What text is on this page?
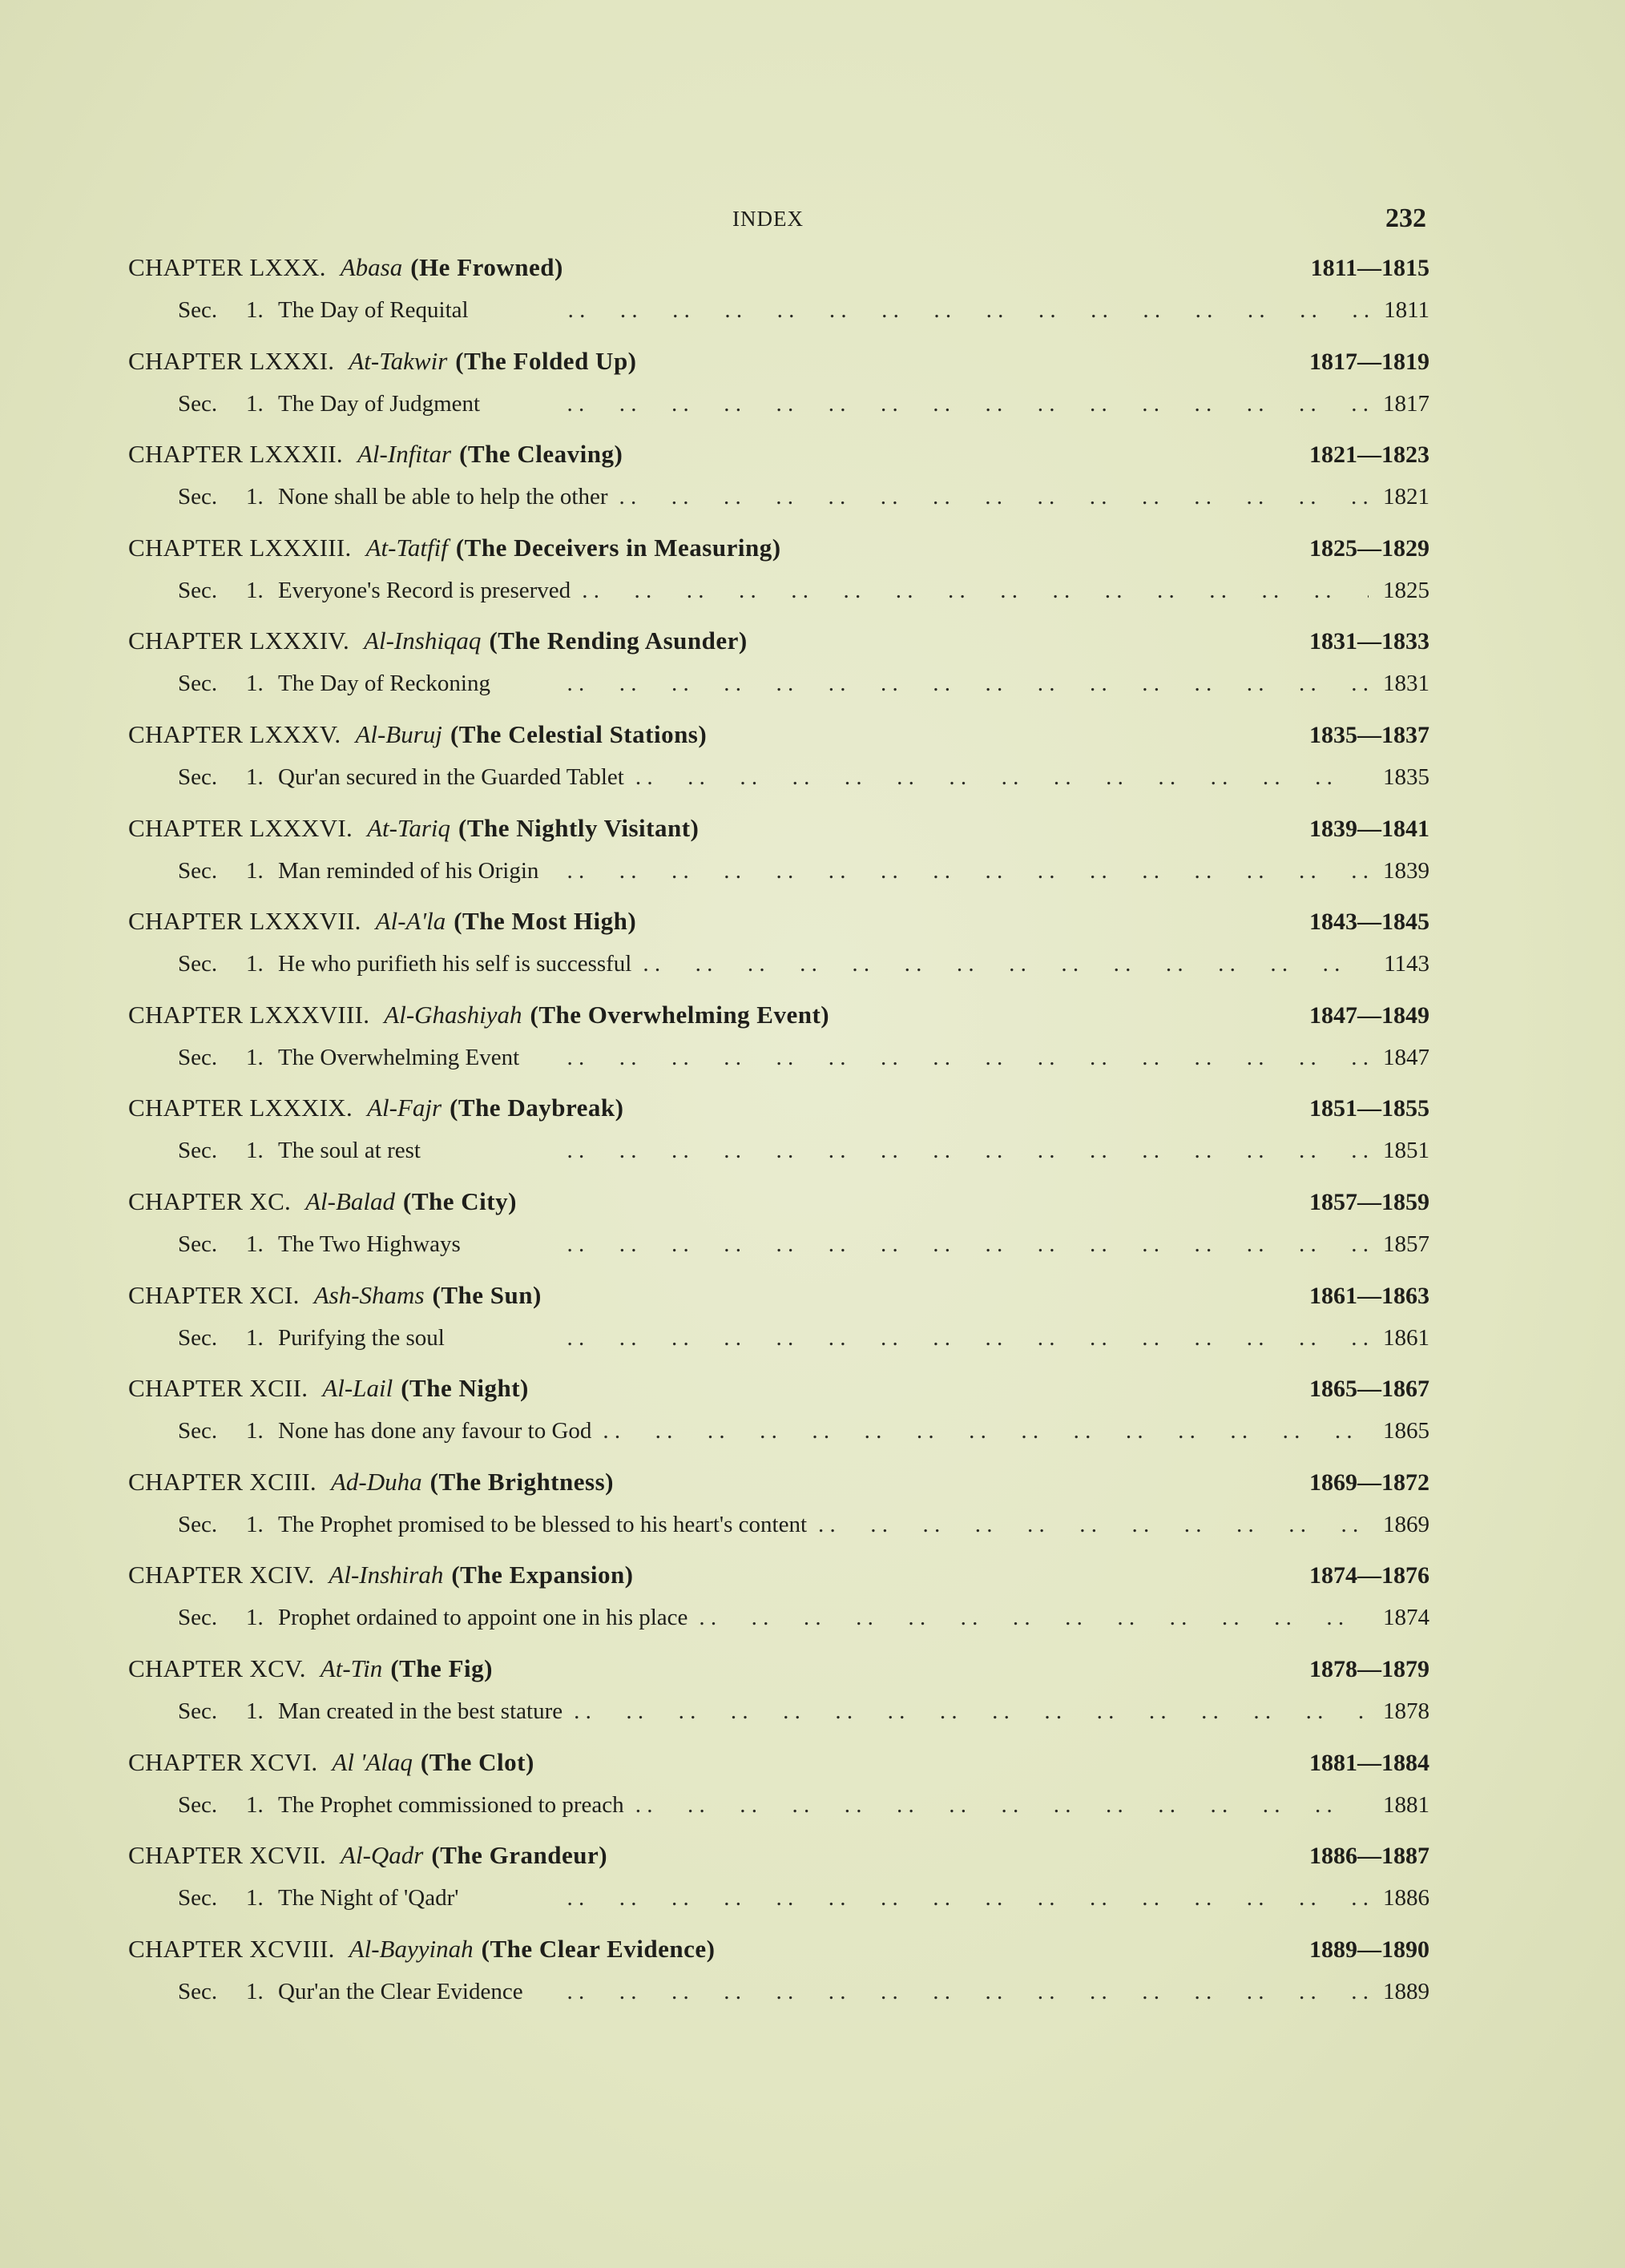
INDEX	232
CHAPTER LXXX. Abasa (He Frowned)	1811—1815
Sec.	1. The Day of Requital . .	1811
CHAPTER LXXXI. At-Takwir (The Folded Up)	1817—1819
Sec.	1. The Day of Judgment . .	1817
CHAPTER LXXXII. Al-Infitar (The Cleaving)	1821—1823
Sec.	1. None shall be able to help the other . .	1821
CHAPTER LXXXIII. At-Tatfif (The Deceivers in Measuring)	1825—1829
Sec.	1. Everyone's Record is preserved . .	1825
CHAPTER LXXXIV. Al-Inshiqaq (The Rending Asunder)	1831—1833
Sec.	1. The Day of Reckoning . .	1831
CHAPTER LXXXV. Al-Buruj (The Celestial Stations)	1835—1837
Sec.	1. Qur'an secured in the Guarded Tablet . .	1835
CHAPTER LXXXVI. At-Tariq (The Nightly Visitant)	1839—1841
Sec.	1. Man reminded of his Origin . .	1839
CHAPTER LXXXVII. Al-A'la (The Most High)	1843—1845
Sec.	1. He who purifieth his self is successful . .	1143
CHAPTER LXXXVIII. Al-Ghashiyah (The Overwhelming Event)	1847—1849
Sec.	1. The Overwhelming Event . .	1847
CHAPTER LXXXIX. Al-Fajr (The Daybreak)	1851—1855
Sec.	1. The soul at rest . .	1851
CHAPTER XC. Al-Balad (The City)	1857—1859
Sec.	1. The Two Highways . .	1857
CHAPTER XCI. Ash-Shams (The Sun)	1861—1863
Sec.	1. Purifying the soul . .	1861
CHAPTER XCII. Al-Lail (The Night)	1865—1867
Sec.	1. None has done any favour to God . .	1865
CHAPTER XCIII. Ad-Duha (The Brightness)	1869—1872
Sec.	1. The Prophet promised to be blessed to his heart's content . .	1869
CHAPTER XCIV. Al-Inshirah (The Expansion)	1874—1876
Sec.	1. Prophet ordained to appoint one in his place . .	1874
CHAPTER XCV. At-Tin (The Fig)	1878—1879
Sec.	1. Man created in the best stature . .	1878
CHAPTER XCVI. Al 'Alaq (The Clot)	1881—1884
Sec.	1. The Prophet commissioned to preach . .	1881
CHAPTER XCVII. Al-Qadr (The Grandeur)	1886—1887
Sec.	1. The Night of 'Qadr' . .	1886
CHAPTER XCVIII. Al-Bayyinah (The Clear Evidence)	1889—1890
Sec.	1. Qur'an the Clear Evidence . .	1889
